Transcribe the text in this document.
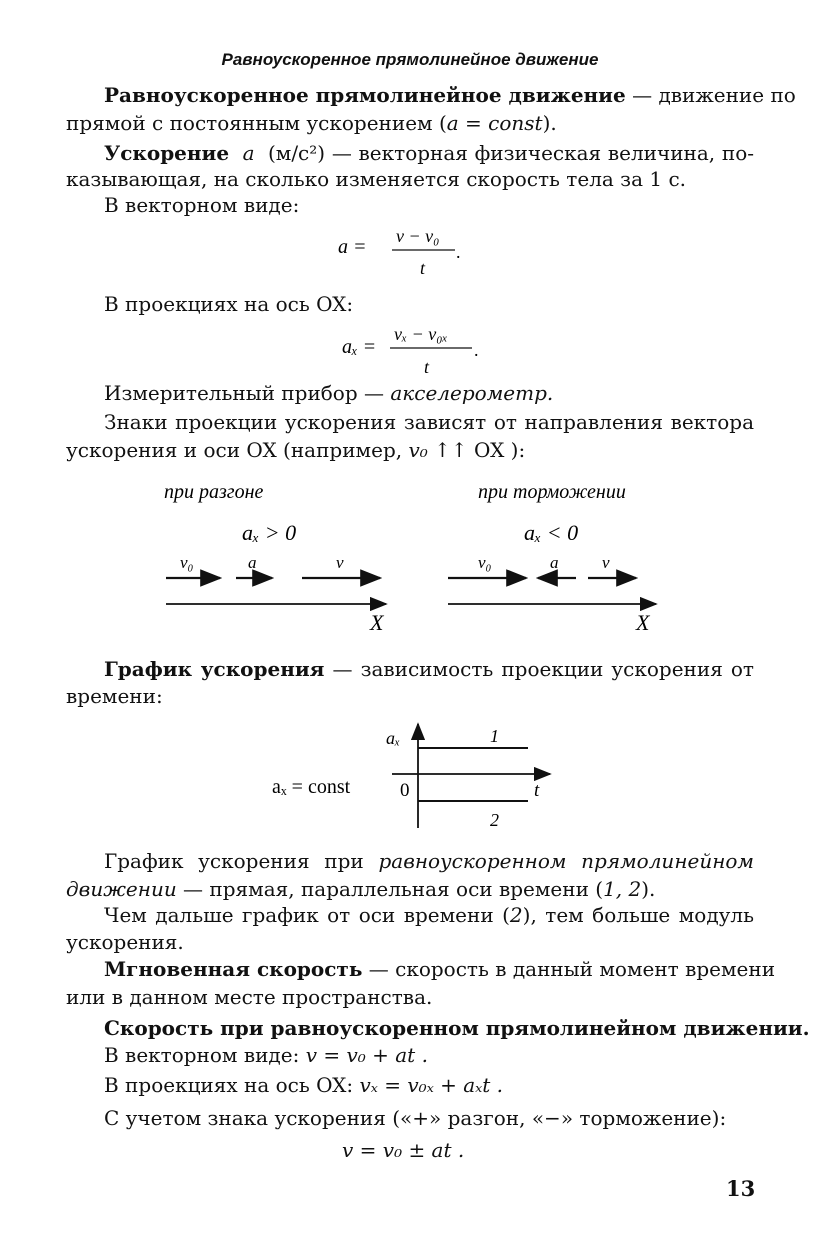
Равноускоренное прямолинейное движение
Равноускоренное прямолинейное движение — движение по
прямой с постоянным ускорением (a = const).
Ускорение a (м/с²) — векторная физическая величина, по-
казывающая, на сколько изменяется скорость тела за 1 с.
В векторном виде:
a = v − v₀
t
.
В проекциях на ось OX:
aₓ =
vₓ − v₀ₓ
t
.
Измерительный прибор — акселерометр.
Знаки проекции ускорения зависят от направления вектора
ускорения и оси OX (например, v₀ ↑↑ OX ):
при разгоне	при торможении
aₓ > 0	aₓ < 0
v₀	a	v
X
v₀	a	v
X
График ускорения — зависимость проекции ускорения от
времени:
aₓ	1
2
0	t
aₓ = const
График ускорения при равноускоренном прямолинейном
движении — прямая, параллельная оси времени (1, 2).
Чем дальше график от оси времени (2), тем больше модуль
ускорения.
Мгновенная скорость — скорость в данный момент времени
или в данном месте пространства.
Скорость при равноускоренном прямолинейном движении.
В векторном виде: v = v₀ + at .
В проекциях на ось OX: vₓ = v₀ₓ + aₓt .
С учетом знака ускорения («+» разгон, «−» торможение):
v = v₀ ± at .
13
